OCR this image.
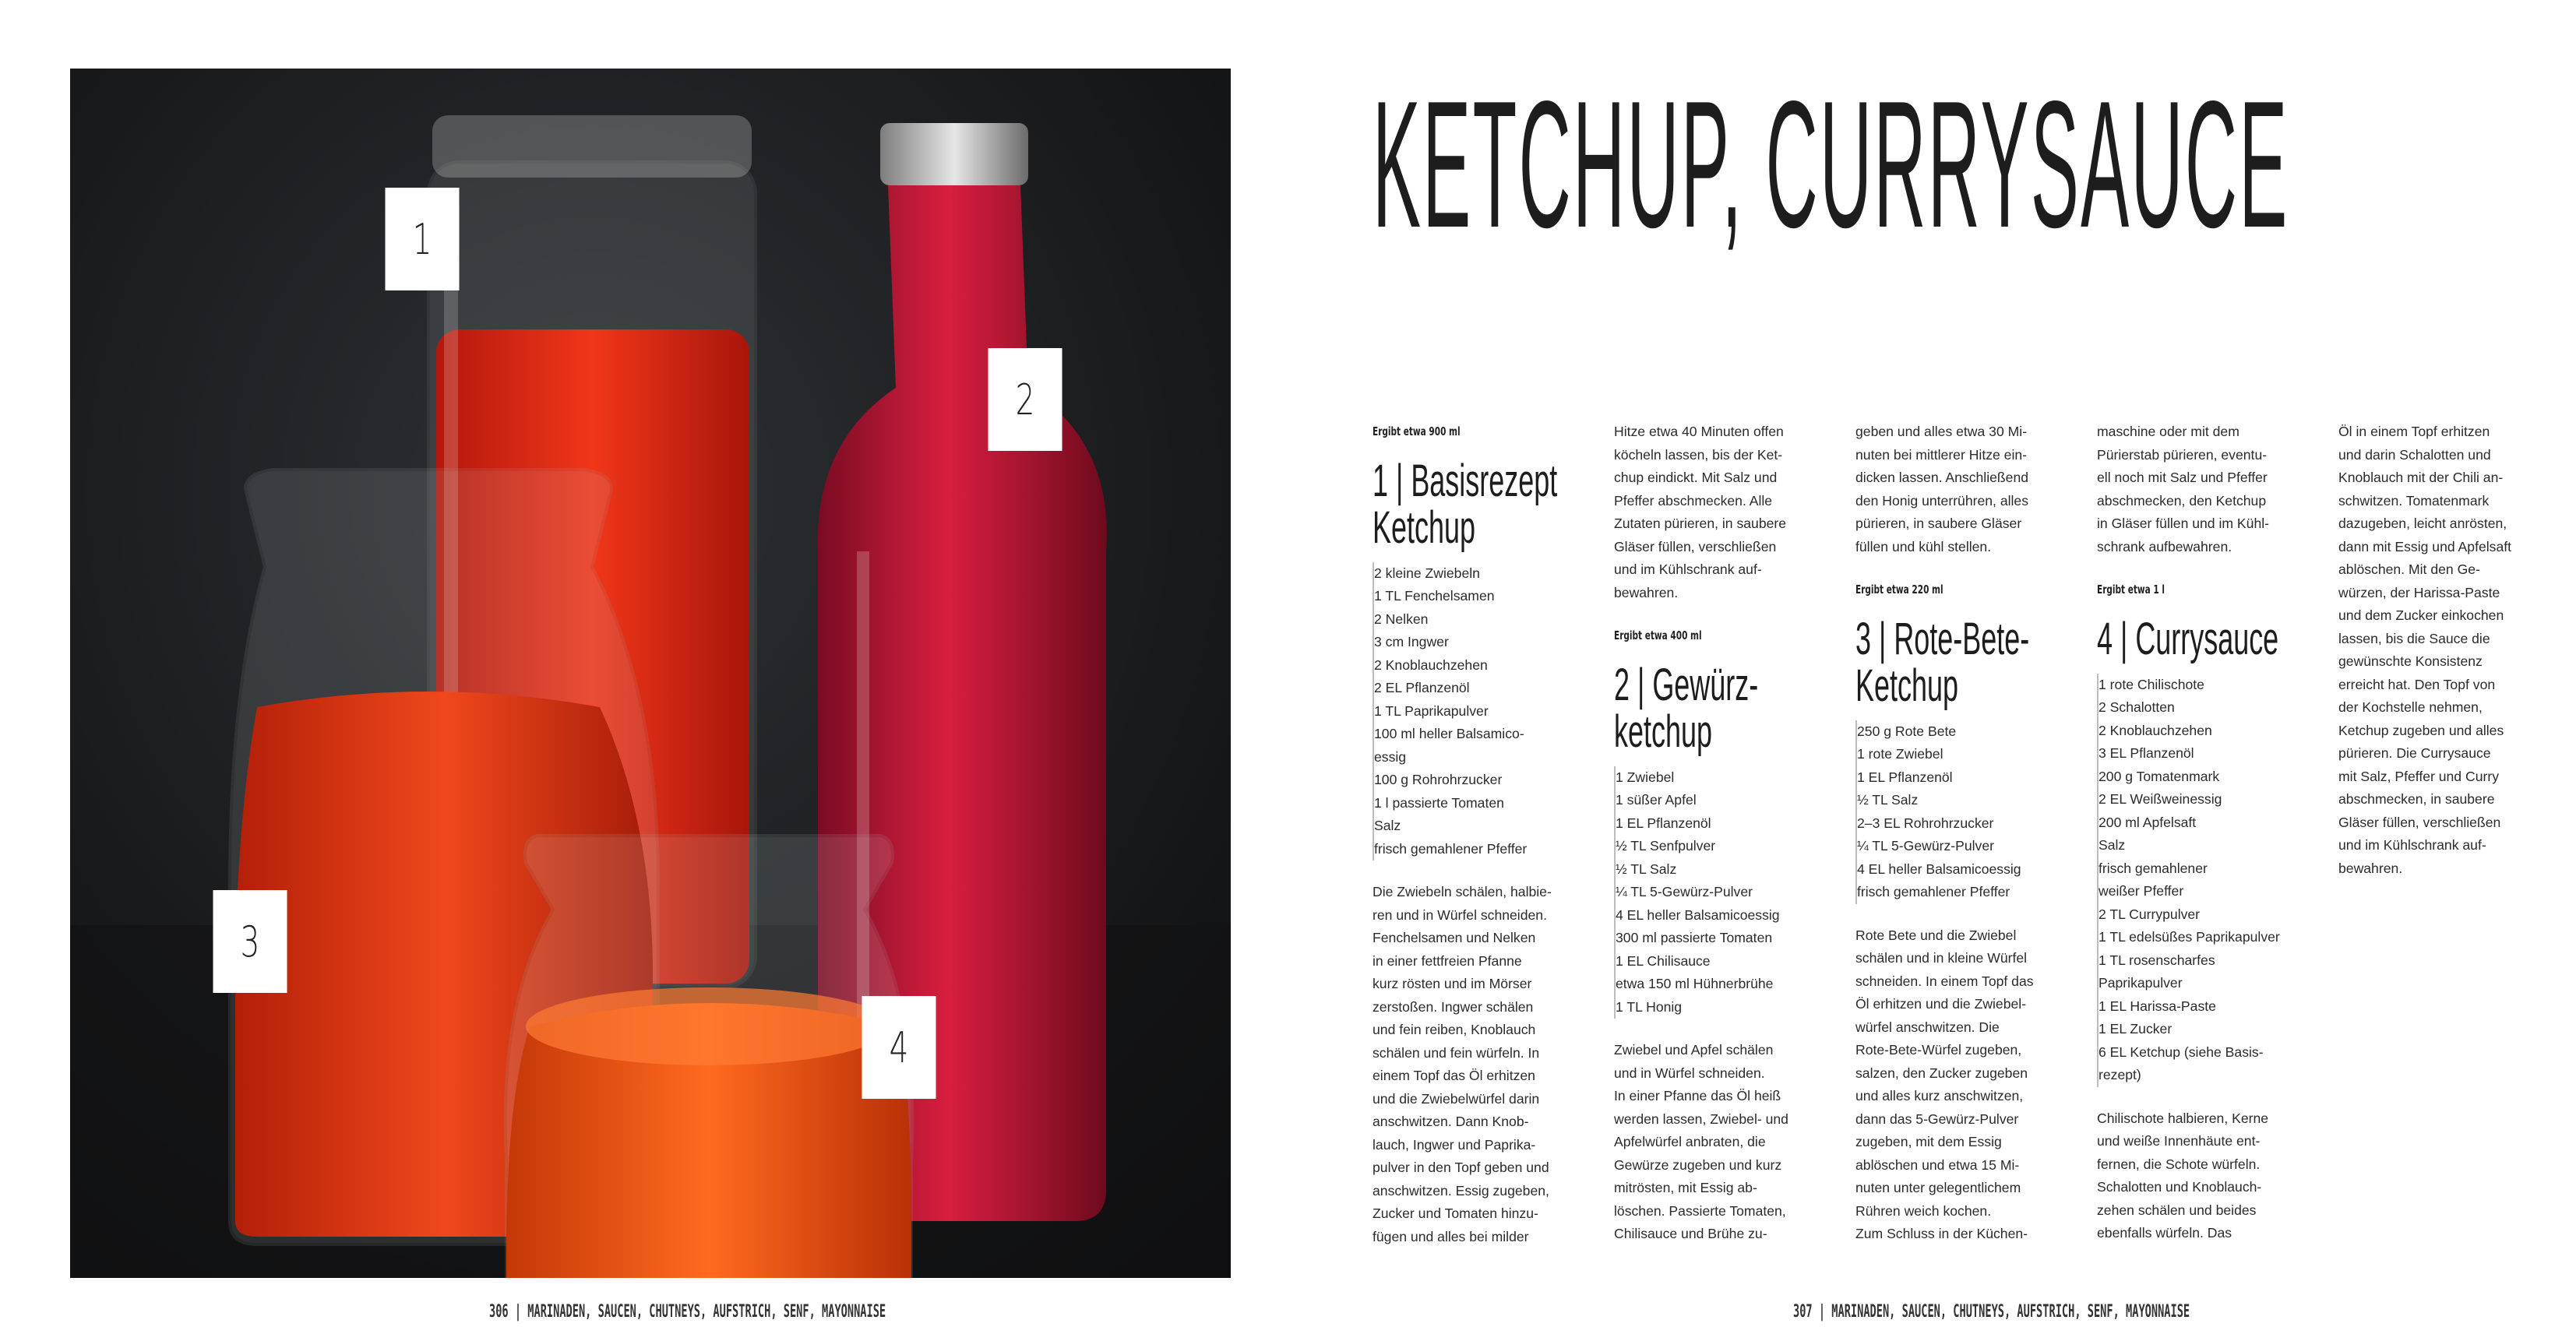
1
2
3
4
306 | MARINADEN, SAUCEN, CHUTNEYS, AUFSTRICH, SENF, MAYONNAISE	307 | MARINADEN, SAUCEN, CHUTNEYS, AUFSTRICH, SENF, MAYONNAISE
KETCHUP, CURRYSAUCE
Ergibt etwa 900 ml
1 | Basisrezept
Ketchup
2 kleine Zwiebeln
1 TL Fenchelsamen
2 Nelken
3 cm Ingwer
2 Knoblauchzehen
2 EL Pflanzenöl
1 TL Paprikapulver
100 ml heller Balsamico-
essig
100 g Rohrohrzucker
1 l passierte Tomaten
Salz
frisch gemahlener Pfeffer

Die Zwiebeln schälen, halbie-

ren und in Würfel schneiden.

Fenchelsamen und Nelken

in einer fettfreien Pfanne

kurz rösten und im Mörser

zerstoßen. Ingwer schälen

und fein reiben, Knoblauch

schälen und fein würfeln. In

einem Topf das Öl erhitzen

und die Zwiebelwürfel darin

anschwitzen. Dann Knob-

lauch, Ingwer und Paprika-

pulver in den Topf geben und

anschwitzen. Essig zugeben,

Zucker und Tomaten hinzu-

fügen und alles bei milder

Hitze etwa 40 Minuten offen

köcheln lassen, bis der Ket-

chup eindickt. Mit Salz und

Pfeffer abschmecken. Alle

Zutaten pürieren, in saubere

Gläser füllen, verschließen

und im Kühlschrank auf-

bewahren.

Ergibt etwa 400 ml
2 | Gewürz-
ketchup
1 Zwiebel
1 süßer Apfel
1 EL Pflanzenöl
½ TL Senfpulver
½ TL Salz
¼ TL 5-Gewürz-Pulver
4 EL heller Balsamicoessig
300 ml passierte Tomaten
1 EL Chilisauce
etwa 150 ml Hühnerbrühe
1 TL Honig

Zwiebel und Apfel schälen

und in Würfel schneiden.

In einer Pfanne das Öl heiß

werden lassen, Zwiebel- und

Apfelwürfel anbraten, die

Gewürze zugeben und kurz

mitrösten, mit Essig ab-

löschen. Passierte Tomaten,

Chilisauce und Brühe zu-

geben und alles etwa 30 Mi-

nuten bei mittlerer Hitze ein-

dicken lassen. Anschließend

den Honig unterrühren, alles

pürieren, in saubere Gläser

füllen und kühl stellen.

Ergibt etwa 220 ml
3 | Rote-Bete-
Ketchup
250 g Rote Bete
1 rote Zwiebel
1 EL Pflanzenöl
½ TL Salz
2–3 EL Rohrohrzucker
¼ TL 5-Gewürz-Pulver
4 EL heller Balsamicoessig
frisch gemahlener Pfeffer

Rote Bete und die Zwiebel

schälen und in kleine Würfel

schneiden. In einem Topf das

Öl erhitzen und die Zwiebel-

würfel anschwitzen. Die

Rote-Bete-Würfel zugeben,

salzen, den Zucker zugeben

und alles kurz anschwitzen,

dann das 5-Gewürz-Pulver

zugeben, mit dem Essig

ablöschen und etwa 15 Mi-

nuten unter gelegentlichem

Rühren weich kochen.

Zum Schluss in der Küchen-

maschine oder mit dem

Pürierstab pürieren, eventu-

ell noch mit Salz und Pfeffer

abschmecken, den Ketchup

in Gläser füllen und im Kühl-

schrank aufbewahren.

Ergibt etwa 1 l
4 | Currysauce
1 rote Chilischote
2 Schalotten
2 Knoblauchzehen
3 EL Pflanzenöl
200 g Tomatenmark
2 EL Weißweinessig
200 ml Apfelsaft
Salz
frisch gemahlener
weißer Pfeffer
2 TL Currypulver
1 TL edelsüßes Paprikapulver
1 TL rosenscharfes
Paprikapulver
1 EL Harissa-Paste
1 EL Zucker
6 EL Ketchup (siehe Basis-
rezept)

Chilischote halbieren, Kerne

und weiße Innenhäute ent-

fernen, die Schote würfeln.

Schalotten und Knoblauch-

zehen schälen und beides

ebenfalls würfeln. Das

Öl in einem Topf erhitzen

und darin Schalotten und

Knoblauch mit der Chili an-

schwitzen. Tomatenmark

dazugeben, leicht anrösten,

dann mit Essig und Apfelsaft

ablöschen. Mit den Ge-

würzen, der Harissa-Paste

und dem Zucker einkochen

lassen, bis die Sauce die

gewünschte Konsistenz

erreicht hat. Den Topf von

der Kochstelle nehmen,

Ketchup zugeben und alles

pürieren. Die Currysauce

mit Salz, Pfeffer und Curry

abschmecken, in saubere

Gläser füllen, verschließen

und im Kühlschrank auf-

bewahren.
